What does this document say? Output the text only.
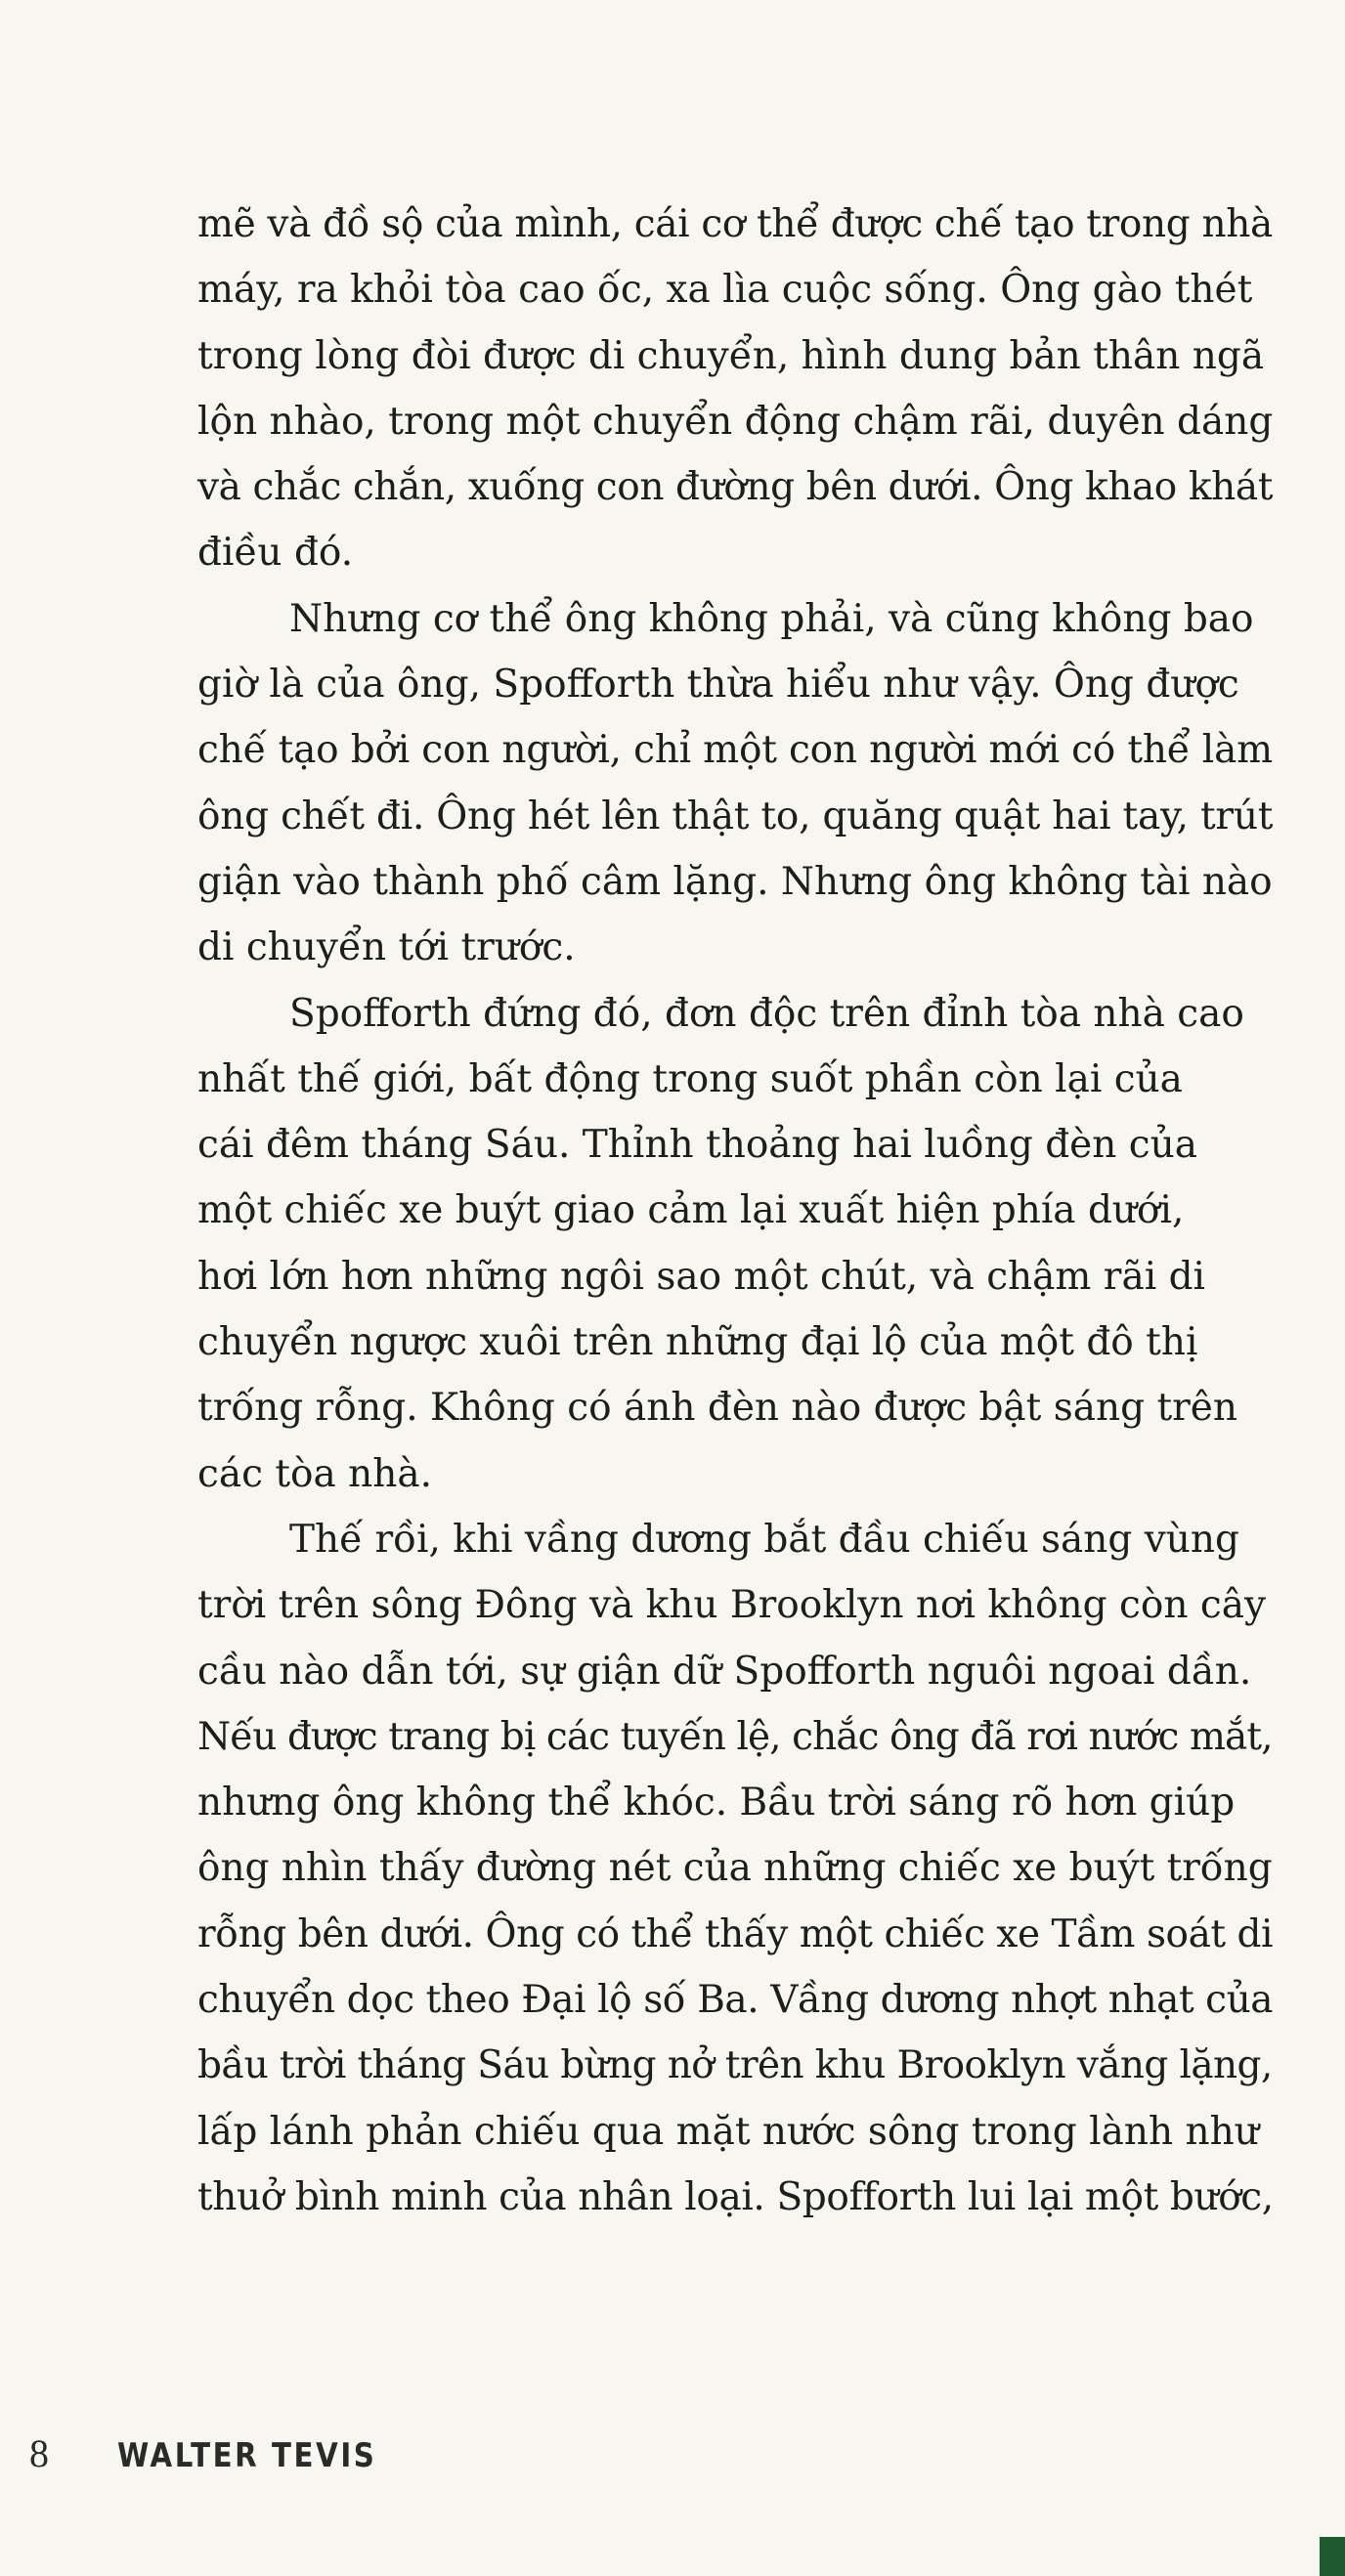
mẽ và đồ sộ của mình, cái cơ thể được chế tạo trong nhà
máy, ra khỏi tòa cao ốc, xa lìa cuộc sống. Ông gào thét
trong lòng đòi được di chuyển, hình dung bản thân ngã
lộn nhào, trong một chuyển động chậm rãi, duyên dáng
và chắc chắn, xuống con đường bên dưới. Ông khao khát
điều đó.
Nhưng cơ thể ông không phải, và cũng không bao
giờ là của ông, Spofforth thừa hiểu như vậy. Ông được
chế tạo bởi con người, chỉ một con người mới có thể làm
ông chết đi. Ông hét lên thật to, quăng quật hai tay, trút
giận vào thành phố câm lặng. Nhưng ông không tài nào
di chuyển tới trước.
Spofforth đứng đó, đơn độc trên đỉnh tòa nhà cao
nhất thế giới, bất động trong suốt phần còn lại của
cái đêm tháng Sáu. Thỉnh thoảng hai luồng đèn của
một chiếc xe buýt giao cảm lại xuất hiện phía dưới,
hơi lớn hơn những ngôi sao một chút, và chậm rãi di
chuyển ngược xuôi trên những đại lộ của một đô thị
trống rỗng. Không có ánh đèn nào được bật sáng trên
các tòa nhà.
Thế rồi, khi vầng dương bắt đầu chiếu sáng vùng
trời trên sông Đông và khu Brooklyn nơi không còn cây
cầu nào dẫn tới, sự giận dữ Spofforth nguôi ngoai dần.
Nếu được trang bị các tuyến lệ, chắc ông đã rơi nước mắt,
nhưng ông không thể khóc. Bầu trời sáng rõ hơn giúp
ông nhìn thấy đường nét của những chiếc xe buýt trống
rỗng bên dưới. Ông có thể thấy một chiếc xe Tầm soát di
chuyển dọc theo Đại lộ số Ba. Vầng dương nhợt nhạt của
bầu trời tháng Sáu bừng nở trên khu Brooklyn vắng lặng,
lấp lánh phản chiếu qua mặt nước sông trong lành như
thuở bình minh của nhân loại. Spofforth lui lại một bước,
8 WALTER TEVIS
